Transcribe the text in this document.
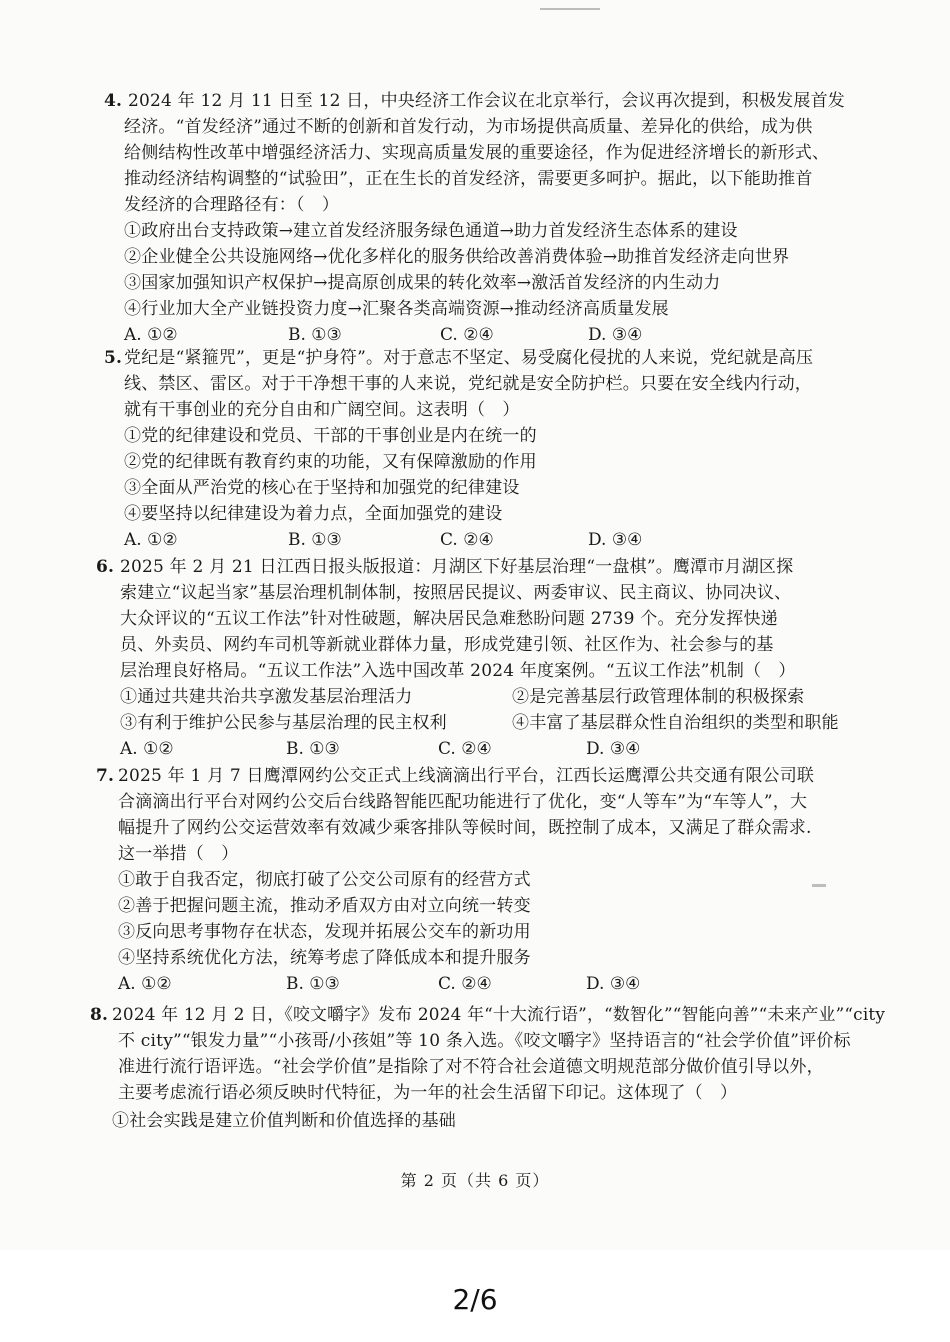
4. 2024 年 12 月 11 日至 12 日，中央经济工作会议在北京举行，会议再次提到，积极发展首发
经济。“首发经济”通过不断的创新和首发行动，为市场提供高质量、差异化的供给，成为供
给侧结构性改革中增强经济活力、实现高质量发展的重要途径，作为促进经济增长的新形式、
推动经济结构调整的“试验田”，正在生长的首发经济，需要更多呵护。据此，以下能助推首
发经济的合理路径有：（　）
①政府出台支持政策→建立首发经济服务绿色通道→助力首发经济生态体系的建设
②企业健全公共设施网络→优化多样化的服务供给改善消费体验→助推首发经济走向世界
③国家加强知识产权保护→提高原创成果的转化效率→激活首发经济的内生动力
④行业加大全产业链投资力度→汇聚各类高端资源→推动经济高质量发展
A. ①②	B. ①③	C. ②④	D. ③④
5. 党纪是“紧箍咒”，更是“护身符”。对于意志不坚定、易受腐化侵扰的人来说，党纪就是高压
线、禁区、雷区。对于干净想干事的人来说，党纪就是安全防护栏。只要在安全线内行动，
就有干事创业的充分自由和广阔空间。这表明（　）
①党的纪律建设和党员、干部的干事创业是内在统一的
②党的纪律既有教育约束的功能，又有保障激励的作用
③全面从严治党的核心在于坚持和加强党的纪律建设
④要坚持以纪律建设为着力点，全面加强党的建设
A. ①②	B. ①③	C. ②④	D. ③④
6. 2025 年 2 月 21 日江西日报头版报道：月湖区下好基层治理“一盘棋”。鹰潭市月湖区探
索建立“议起当家”基层治理机制体制，按照居民提议、两委审议、民主商议、协同决议、
大众评议的“五议工作法”针对性破题，解决居民急难愁盼问题 2739 个。充分发挥快递
员、外卖员、网约车司机等新就业群体力量，形成党建引领、社区作为、社会参与的基
层治理良好格局。“五议工作法”入选中国改革 2024 年度案例。“五议工作法”机制（　）
①通过共建共治共享激发基层治理活力	②是完善基层行政管理体制的积极探索
③有利于维护公民参与基层治理的民主权利	④丰富了基层群众性自治组织的类型和职能
A. ①②	B. ①③	C. ②④	D. ③④
7. 2025 年 1 月 7 日鹰潭网约公交正式上线滴滴出行平台，江西长运鹰潭公共交通有限公司联
合滴滴出行平台对网约公交后台线路智能匹配功能进行了优化，变“人等车”为“车等人”，大
幅提升了网约公交运营效率有效减少乘客排队等候时间，既控制了成本，又满足了群众需求.
这一举措（　）
①敢于自我否定，彻底打破了公交公司原有的经营方式
②善于把握问题主流，推动矛盾双方由对立向统一转变
③反向思考事物存在状态，发现并拓展公交车的新功用
④坚持系统优化方法，统筹考虑了降低成本和提升服务
A. ①②	B. ①③	C. ②④	D. ③④
8. 2024 年 12 月 2 日，《咬文嚼字》发布 2024 年“十大流行语”，“数智化”“智能向善”“未来产业”“city
不 city”“银发力量”“小孩哥/小孩姐”等 10 条入选。《咬文嚼字》坚持语言的“社会学价值”评价标
准进行流行语评选。“社会学价值”是指除了对不符合社会道德文明规范部分做价值引导以外，
主要考虑流行语必须反映时代特征，为一年的社会生活留下印记。这体现了（　）
①社会实践是建立价值判断和价值选择的基础
第 2 页（共 6 页）
2/6
